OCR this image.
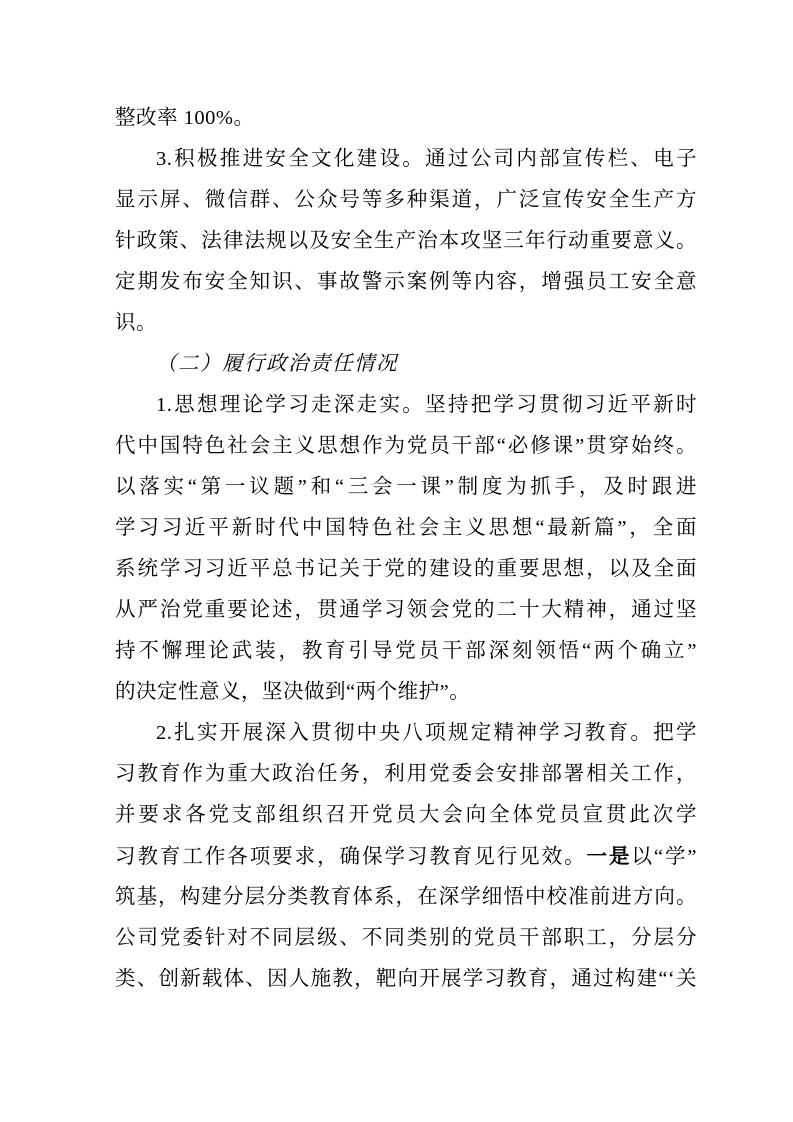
整改率 100%。
3.积极推进安全文化建设。通过公司内部宣传栏、电子
显示屏、微信群、公众号等多种渠道，广泛宣传安全生产方
针政策、法律法规以及安全生产治本攻坚三年行动重要意义。
定期发布安全知识、事故警示案例等内容，增强员工安全意
识。
（二）履行政治责任情况
1.思想理论学习走深走实。坚持把学习贯彻习近平新时
代中国特色社会主义思想作为党员干部“必修课”贯穿始终。
以落实“第一议题”和“三会一课”制度为抓手，及时跟进
学习习近平新时代中国特色社会主义思想“最新篇”，全面
系统学习习近平总书记关于党的建设的重要思想，以及全面
从严治党重要论述，贯通学习领会党的二十大精神，通过坚
持不懈理论武装，教育引导党员干部深刻领悟“两个确立”
的决定性意义，坚决做到“两个维护”。
2.扎实开展深入贯彻中央八项规定精神学习教育。把学
习教育作为重大政治任务，利用党委会安排部署相关工作，
并要求各党支部组织召开党员大会向全体党员宣贯此次学
习教育工作各项要求，确保学习教育见行见效。一是以“学”
筑基，构建分层分类教育体系，在深学细悟中校准前进方向。
公司党委针对不同层级、不同类别的党员干部职工，分层分
类、创新载体、因人施教，靶向开展学习教育，通过构建“‘关
